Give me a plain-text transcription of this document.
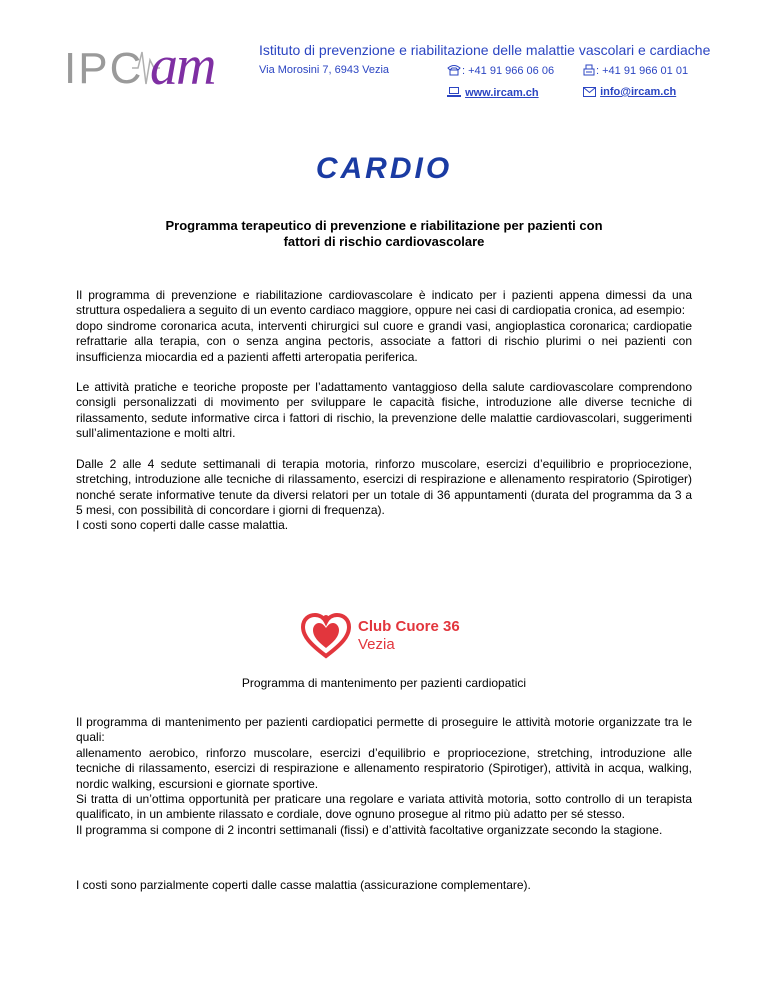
IPC am	Istituto di prevenzione e riabilitazione delle malattie vascolari e cardiache
Via Morosini 7, 6943 Vezia	: +41 91 966 06 06	: +41 91 966 01 01
www.ircam.ch	info@ircam.ch
CARDIO
Programma terapeutico di prevenzione e riabilitazione per pazienti con
fattori di rischio cardiovascolare
Il programma di prevenzione e riabilitazione cardiovascolare è indicato per i pazienti appena dimessi da una struttura ospedaliera a seguito di un evento cardiaco maggiore, oppure nei casi di cardiopatia cronica, ad esempio:
dopo sindrome coronarica acuta, interventi chirurgici sul cuore e grandi vasi, angioplastica coronarica; cardiopatie refrattarie alla terapia, con o senza angina pectoris, associate a fattori di rischio plurimi o nei pazienti con insufficienza miocardia ed a pazienti affetti arteropatia periferica.

Le attività pratiche e teoriche proposte per l’adattamento vantaggioso della salute cardiovascolare comprendono consigli personalizzati di movimento per sviluppare le capacità fisiche, introduzione alle diverse tecniche di rilassamento, sedute informative circa i fattori di rischio, la prevenzione delle malattie cardiovascolari, suggerimenti sull’alimentazione e molti altri.

Dalle 2 alle 4 sedute settimanali di terapia motoria, rinforzo muscolare, esercizi d’equilibrio e propriocezione, stretching, introduzione alle tecniche di rilassamento, esercizi di respirazione e allenamento respiratorio (Spirotiger) nonché serate informative tenute da diversi relatori per un totale di 36 appuntamenti (durata del programma da 3 a 5 mesi, con possibilità di concordare i giorni di frequenza).

I costi sono coperti dalle casse malattia.

Club Cuore 36
Vezia
Programma di mantenimento per pazienti cardiopatici
Il programma di mantenimento per pazienti cardiopatici permette di proseguire le attività motorie organizzate tra le quali:
allenamento aerobico, rinforzo muscolare, esercizi d’equilibrio e propriocezione, stretching, introduzione alle tecniche di rilassamento, esercizi di respirazione e allenamento respiratorio (Spirotiger), attività in acqua, walking, nordic walking, escursioni e giornate sportive.
Si tratta di un’ottima opportunità per praticare una regolare e variata attività motoria, sotto controllo di un terapista qualificato, in un ambiente rilassato e cordiale, dove ognuno prosegue al ritmo più adatto per sé stesso.
Il programma si compone di 2 incontri settimanali (fissi) e d’attività facoltative organizzate secondo la stagione.

I costi sono parzialmente coperti dalle casse malattia (assicurazione complementare).
